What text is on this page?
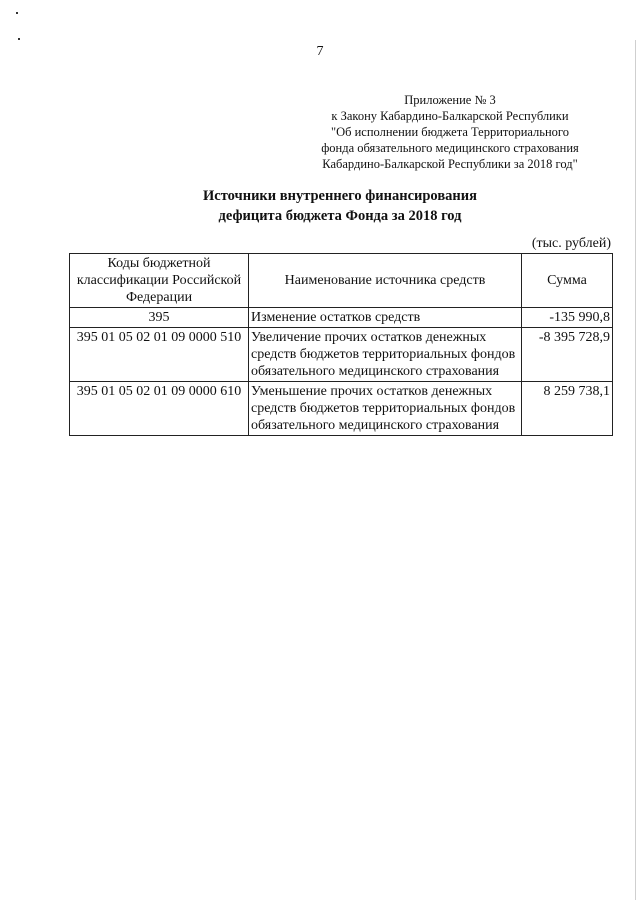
7
Приложение № 3
к Закону Кабардино-Балкарской Республики
"Об исполнении бюджета Территориального
фонда обязательного медицинского страхования
Кабардино-Балкарской Республики за 2018 год"
Источники внутреннего финансирования
дефицита бюджета Фонда за 2018 год
(тыс. рублей)
Коды бюджетной классификации Российской Федерации	Наименование источника средств	Сумма
395	Изменение остатков средств	-135 990,8
395 01 05 02 01 09 0000 510	Увеличение прочих остатков денежных средств бюджетов территориальных фондов обязательного медицинского страхования	-8 395 728,9
395 01 05 02 01 09 0000 610	Уменьшение прочих остатков денежных средств бюджетов территориальных фондов обязательного медицинского страхования	8 259 738,1
